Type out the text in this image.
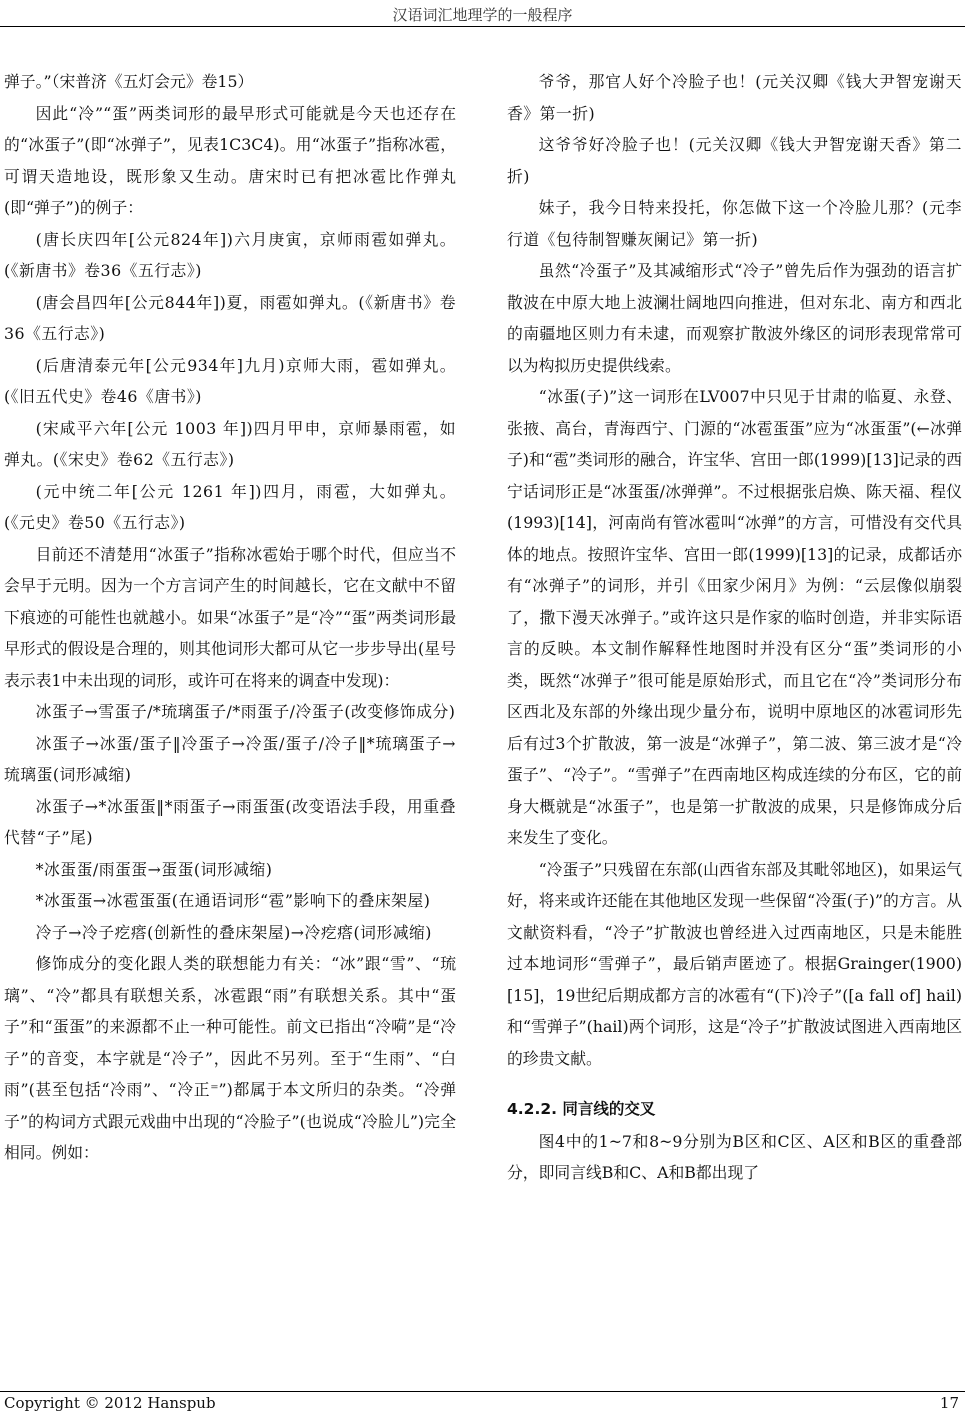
汉语词汇地理学的一般程序

弹子。”（宋普济《五灯会元》卷15）

因此“冷”“蛋”两类词形的最早形式可能就是今天也还存在的“冰蛋子”(即“冰弹子”，见表1C3C4)。用“冰蛋子”指称冰雹，可谓天造地设，既形象又生动。唐宋时已有把冰雹比作弹丸(即“弹子”)的例子：

(唐长庆四年[公元824年])六月庚寅，京师雨雹如弹丸。(《新唐书》卷36《五行志》)

(唐会昌四年[公元844年])夏，雨雹如弹丸。(《新唐书》卷36《五行志》)

(后唐清泰元年[公元934年]九月)京师大雨，雹如弹丸。(《旧五代史》卷46《唐书》)

(宋咸平六年[公元 1003 年])四月甲申，京师暴雨雹，如弹丸。(《宋史》卷62《五行志》)

(元中统二年[公元 1261 年])四月，雨雹，大如弹丸。(《元史》卷50《五行志》)

目前还不清楚用“冰蛋子”指称冰雹始于哪个时代，但应当不会早于元明。因为一个方言词产生的时间越长，它在文献中不留下痕迹的可能性也就越小。如果“冰蛋子”是“冷”“蛋”两类词形最早形式的假设是合理的，则其他词形大都可从它一步步导出(星号表示表1中未出现的词形，或许可在将来的调查中发现)：

冰蛋子→雪蛋子/*琉璃蛋子/*雨蛋子/冷蛋子(改变修饰成分)

冰蛋子→冰蛋/蛋子‖冷蛋子→冷蛋/蛋子/冷子‖*琉璃蛋子→琉璃蛋(词形减缩)

冰蛋子→*冰蛋蛋‖*雨蛋子→雨蛋蛋(改变语法手段，用重叠代替“子”尾)

*冰蛋蛋/雨蛋蛋→蛋蛋(词形减缩)

*冰蛋蛋→冰雹蛋蛋(在通语词形“雹”影响下的叠床架屋)

冷子→冷子疙瘩(创新性的叠床架屋)→冷疙瘩(词形减缩)

修饰成分的变化跟人类的联想能力有关：“冰”跟“雪”、“琉璃”、“冷”都具有联想关系，冰雹跟“雨”有联想关系。其中“蛋子”和“蛋蛋”的来源都不止一种可能性。前文已指出“冷嗬”是“冷子”的音变，本字就是“冷子”，因此不另列。至于“生雨”、“白雨”(甚至包括“冷雨”、“冷正⁼”)都属于本文所归的杂类。“冷弹子”的构词方式跟元戏曲中出现的“冷脸子”(也说成“冷脸儿”)完全相同。例如：

爷爷，那官人好个冷脸子也！(元关汉卿《钱大尹智宠谢天香》第一折)

这爷爷好冷脸子也！(元关汉卿《钱大尹智宠谢天香》第二折)

妹子，我今日特来投托，你怎做下这一个冷脸儿那？(元李行道《包待制智赚灰阑记》第一折)

虽然“冷蛋子”及其减缩形式“冷子”曾先后作为强劲的语言扩散波在中原大地上波澜壮阔地四向推进，但对东北、南方和西北的南疆地区则力有未逮，而观察扩散波外缘区的词形表现常常可以为构拟历史提供线索。

“冰蛋(子)”这一词形在LV007中只见于甘肃的临夏、永登、张掖、高台，青海西宁、门源的“冰雹蛋蛋”应为“冰蛋蛋”(←冰弹子)和“雹”类词形的融合，许宝华、宫田一郎(1999)[13]记录的西宁话词形正是“冰蛋蛋/冰弹弹”。不过根据张启焕、陈天福、程仪(1993)[14]，河南尚有管冰雹叫“冰弹”的方言，可惜没有交代具体的地点。按照许宝华、宫田一郎(1999)[13]的记录，成都话亦有“冰弹子”的词形，并引《田家少闲月》为例：“云层像似崩裂了，撒下漫天冰弹子。”或许这只是作家的临时创造，并非实际语言的反映。本文制作解释性地图时并没有区分“蛋”类词形的小类，既然“冰弹子”很可能是原始形式，而且它在“冷”类词形分布区西北及东部的外缘出现少量分布，说明中原地区的冰雹词形先后有过3个扩散波，第一波是“冰弹子”，第二波、第三波才是“冷蛋子”、“冷子”。“雪弹子”在西南地区构成连续的分布区，它的前身大概就是“冰蛋子”，也是第一扩散波的成果，只是修饰成分后来发生了变化。

“冷蛋子”只残留在东部(山西省东部及其毗邻地区)，如果运气好，将来或许还能在其他地区发现一些保留“冷蛋(子)”的方言。从文献资料看，“冷子”扩散波也曾经进入过西南地区，只是未能胜过本地词形“雪弹子”，最后销声匿迹了。根据Grainger(1900)[15]，19世纪后期成都方言的冰雹有“(下)冷子”([a fall of] hail)和“雪弹子”(hail)两个词形，这是“冷子”扩散波试图进入西南地区的珍贵文献。

4.2.2. 同言线的交叉

图4中的1~7和8~9分别为B区和C区、A区和B区的重叠部分，即同言线B和C、A和B都出现了

Copyright © 2012 Hanspub	17
